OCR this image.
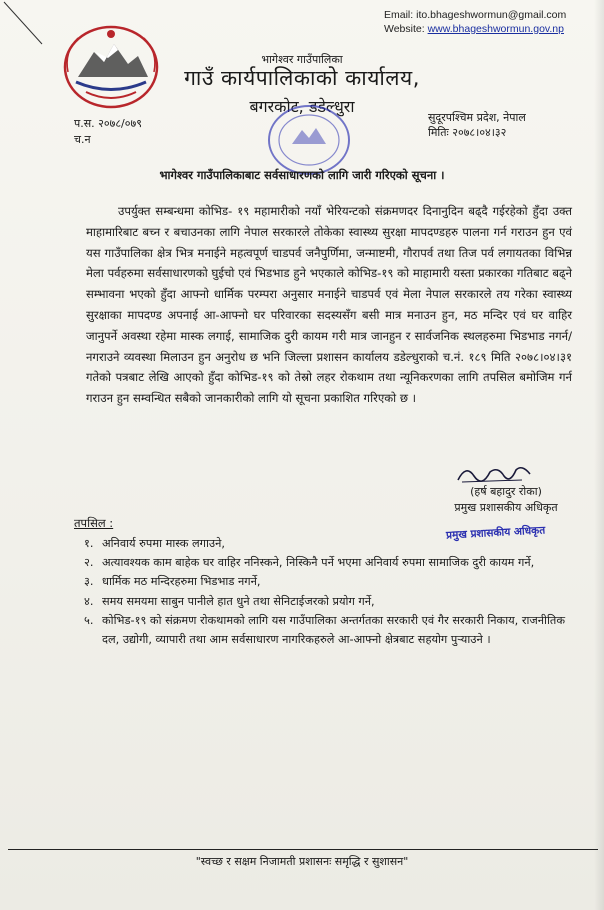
Email: ito.bhageshwormun@gmail.com
Website: www.bhageshwormun.gov.np
भागेश्वर गाउँपालिका
गाउँ कार्यपालिकाको कार्यालय,
बगरकोट, डडेल्धुरा
प.स. २०७८/०७९
च.न
सुदूरपश्चिम प्रदेश, नेपाल
मितिः २०७८।०४।३२
भागेश्वर गाउँपालिकाबाट सर्वसाधारणको लागि जारी गरिएको सूचना ।

उपर्युक्त सम्बन्धमा कोभिड- १९ महामारीको नयाँ भेरियन्टको संक्रमणदर दिनानुदिन बढ्दै गईरहेको हुँदा उक्त माहामारिबाट बच्न र बचाउनका लागि नेपाल सरकारले तोकेका स्वास्थ्य सुरक्षा मापदण्डहरु पालना गर्न गराउन हुन एवं यस गाउँपालिका क्षेत्र भित्र मनाईने महत्वपूर्ण चाडपर्व जनैपुर्णिमा, जन्माष्टमी, गौरापर्व तथा तिज पर्व लगायतका विभिन्न मेला पर्वहरुमा सर्वसाधारणको घुईचो एवं भिडभाड हुने भएकाले कोभिड-१९ को माहामारी यस्ता प्रकारका गतिबाट बढ्ने सम्भावना भएको हुँदा आफ्नो धार्मिक परम्परा अनुसार मनाईने चाडपर्व एवं मेला नेपाल सरकारले तय गरेका स्वास्थ्य सुरक्षाका मापदण्ड अपनाई आ-आफ्नो घर परिवारका सदस्यसँग बसी मात्र मनाउन हुन, मठ मन्दिर एवं घर वाहिर जानुपर्ने अवस्था रहेमा मास्क लगाई, सामाजिक दुरी कायम गरी मात्र जानहुन र सार्वजनिक स्थलहरुमा भिडभाड नगर्न/नगराउने व्यवस्था मिलाउन हुन अनुरोध छ भनि जिल्ला प्रशासन कार्यालय डडेल्धुराको च.नं. १८९ मिति २०७८।०४।३१ गतेको पत्रबाट लेखि आएको हुँदा कोभिड-१९ को तेस्रो लहर रोकथाम तथा न्यूनिकरणका लागि तपसिल बमोजिम गर्न गराउन हुन सम्वन्धित सबैको जानकारीको लागि यो सूचना प्रकाशित गरिएको छ ।

(हर्ष बहादुर रोका)
प्रमुख प्रशासकीय अधिकृत
प्रमुख प्रशासकीय अधिकृत
तपसिल :
१. अनिवार्य रुपमा मास्क लगाउने,
२. अत्यावश्यक काम बाहेक घर वाहिर ननिस्कने, निस्किनै पर्ने भएमा अनिवार्य रुपमा सामाजिक दुरी कायम गर्ने,
३. धार्मिक मठ मन्दिरहरुमा भिडभाड नगर्ने,
४. समय समयमा साबुन पानीले हात धुने तथा सेनिटाईजरको प्रयोग गर्ने,
५. कोभिड-१९ को संक्रमण रोकथामको लागि यस गाउँपालिका अन्तर्गतका सरकारी एवं गैर सरकारी निकाय, राजनीतिक दल, उद्योगी, व्यापारी तथा आम सर्वसाधारण नागरिकहरुले आ-आफ्नो क्षेत्रबाट सहयोग पुऱ्याउने ।
"स्वच्छ र सक्षम निजामती प्रशासनः समृद्धि र सुशासन"
